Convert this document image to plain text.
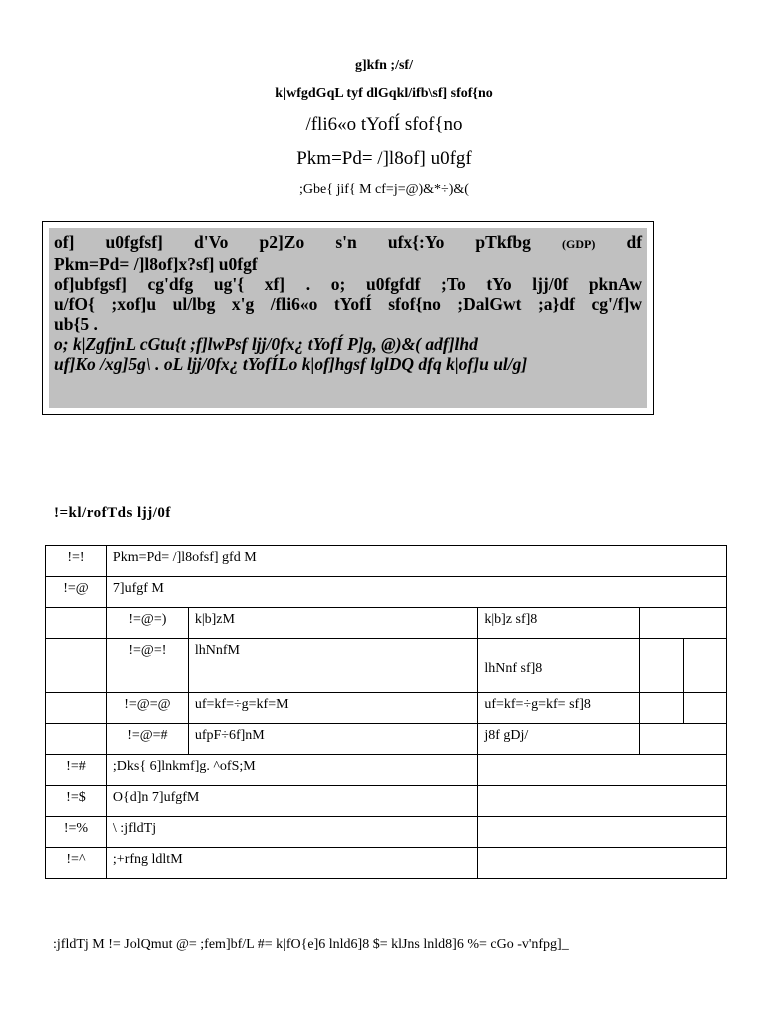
g]kfn ;/sf/
k|wfgdGqL tyf dlGqkl/ifb\sf] sfof{no
/fli6«o tYofÍ sfof{no
Pkm=Pd= /]l8of] u0fgf
;Gbe{ jif{ M cf=j=@)&*÷)&(
of] u0fgfsf] d'Vo p2]Zo s'n ufx{:Yo pTkfbg	(GDP) df
Pkm=Pd= /]l8of]x?sf] u0fgf
of]ubfgsf] cg'dfg ug'{ xf] . o; u0fgfdf ;To tYo ljj/0f pknAw
u/fO{ ;xof]u ul/lbg x'g /fli6«o tYofÍ sfof{no ;DalGwt ;a}df cg'/f]w
ub{5 .
o; k|ZgfjnL cGtu{t ;f]lwPsf ljj/0fx¿ tYofÍ P]g, @)&( adf]lhd
uf]Ko /xg]5g\ . oL ljj/0fx¿ tYofÍLo k|of]hgsf lglDQ dfq k|of]u ul/g]
!=kl/rofTds ljj/0f
!=!	Pkm=Pd= /]l8ofsf] gfd M				
!=@	7]ufgf M				
	!=@=)	k|b]zM	k|b]z sf]8		
	!=@=!	lhNnfM	lhNnf sf]8		

	!=@=@	uf=kf=÷g=kf=M	uf=kf=÷g=kf= sf]8		
	!=@=#	ufpF÷6f]nM	j8f gDj/		
!=#	;Dks{ 6]lnkmf]g. ^ofS;M				
!=$	O{d]n 7]ufgfM				
!=%	\ :jfldTj				
!=^	;+rfng ldltM				
:jfldTj M != JolQmut @= ;fem]bf/L #= k|fO{e]6 lnld6]8 $= klJns lnld8]6 %= cGo -v'nfpg]_
